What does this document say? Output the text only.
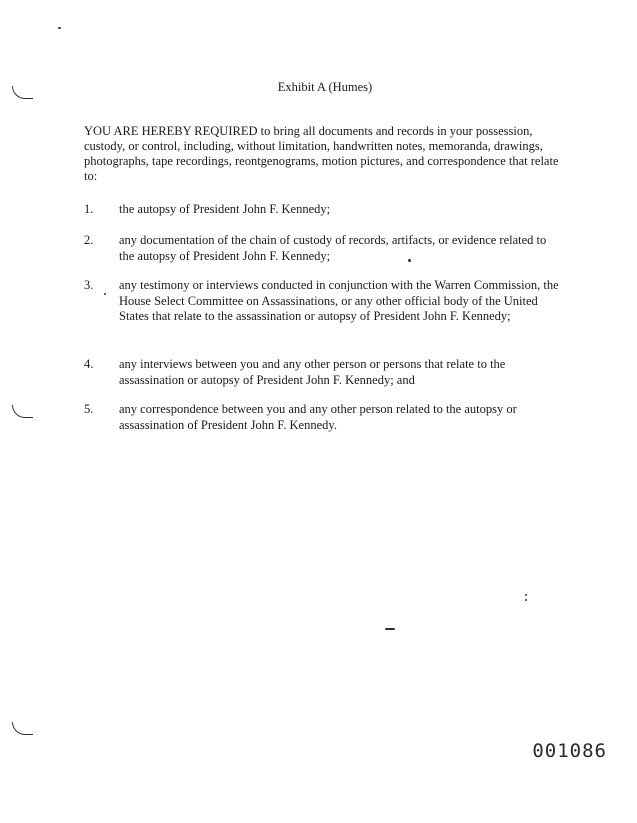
Exhibit A (Humes)
YOU ARE HEREBY REQUIRED to bring all documents and records in your possession, custody, or control, including, without limitation, handwritten notes, memoranda, drawings, photographs, tape recordings, reontgenograms, motion pictures, and correspondence that relate to:
1.	the autopsy of President John F. Kennedy;
2.	any documentation of the chain of custody of records, artifacts, or evidence related to the autopsy of President John F. Kennedy;
3.	any testimony or interviews conducted in conjunction with the Warren Commission, the House Select Committee on Assassinations, or any other official body of the United States that relate to the assassination or autopsy of President John F. Kennedy;
4.	any interviews between you and any other person or persons that relate to the assassination or autopsy of President John F. Kennedy; and
5.	any correspondence between you and any other person related to the autopsy or assassination of President John F. Kennedy.
001086
